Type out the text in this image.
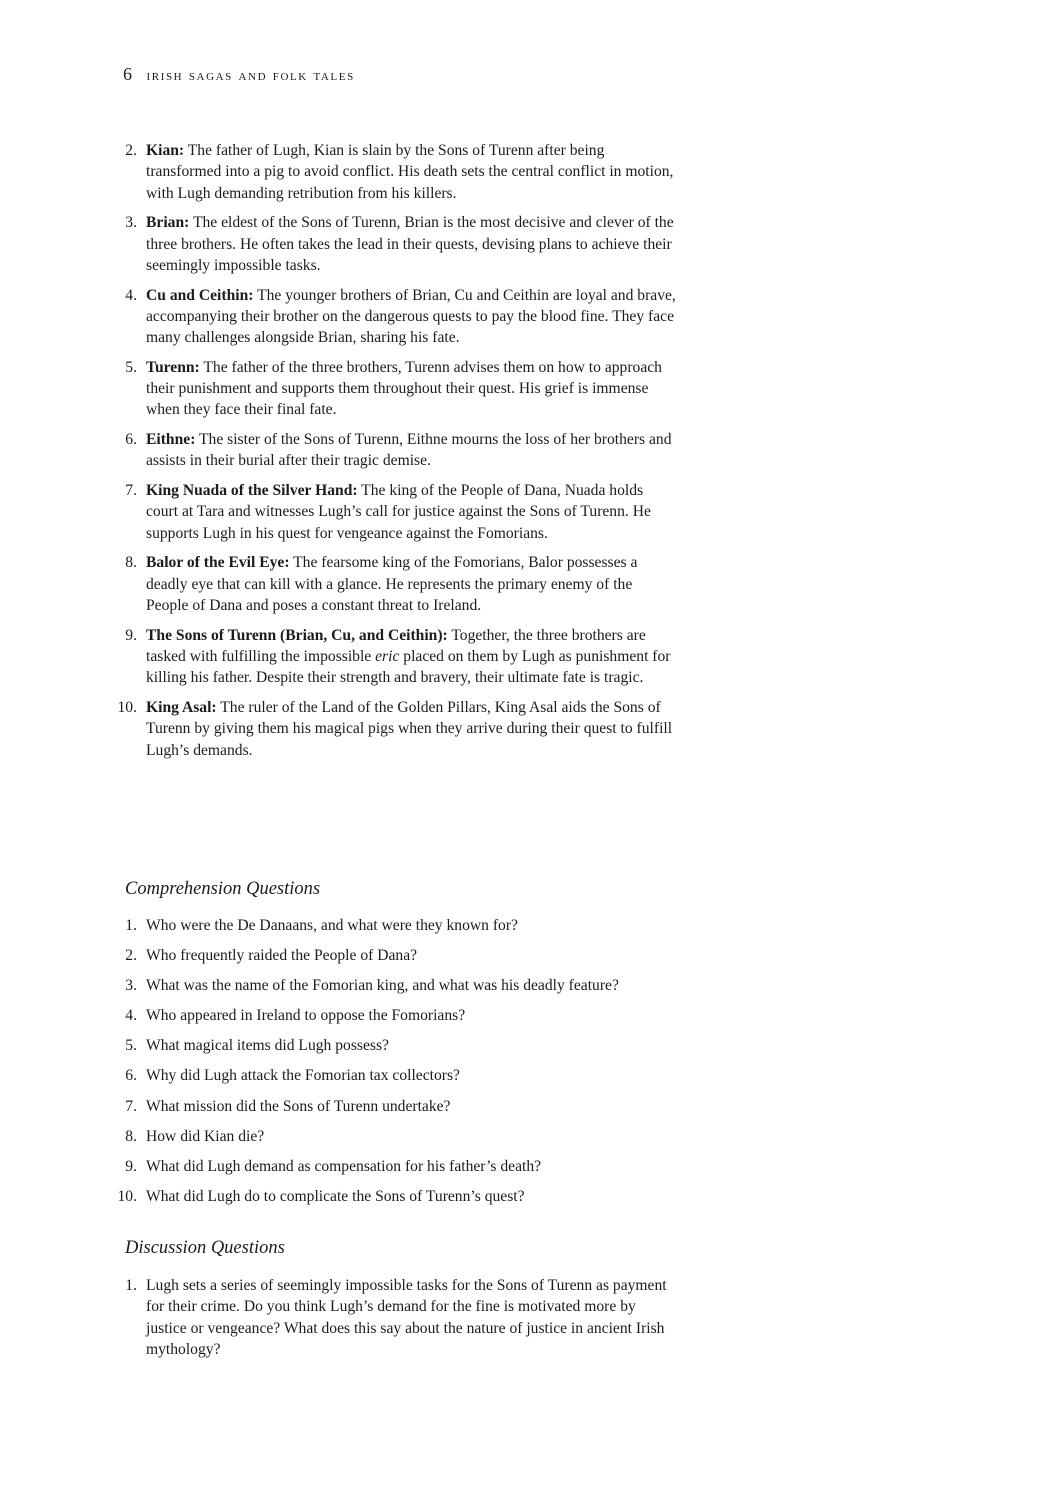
6 irish sagas and folk tales
2. Kian: The father of Lugh, Kian is slain by the Sons of Turenn after being transformed into a pig to avoid conflict. His death sets the central conflict in motion, with Lugh demanding retribution from his killers.
3. Brian: The eldest of the Sons of Turenn, Brian is the most decisive and clever of the three brothers. He often takes the lead in their quests, devising plans to achieve their seemingly impossible tasks.
4. Cu and Ceithin: The younger brothers of Brian, Cu and Ceithin are loyal and brave, accompanying their brother on the dangerous quests to pay the blood fine. They face many challenges alongside Brian, sharing his fate.
5. Turenn: The father of the three brothers, Turenn advises them on how to approach their punishment and supports them throughout their quest. His grief is immense when they face their final fate.
6. Eithne: The sister of the Sons of Turenn, Eithne mourns the loss of her brothers and assists in their burial after their tragic demise.
7. King Nuada of the Silver Hand: The king of the People of Dana, Nuada holds court at Tara and witnesses Lugh’s call for justice against the Sons of Turenn. He supports Lugh in his quest for vengeance against the Fomorians.
8. Balor of the Evil Eye: The fearsome king of the Fomorians, Balor possesses a deadly eye that can kill with a glance. He represents the primary enemy of the People of Dana and poses a constant threat to Ireland.
9. The Sons of Turenn (Brian, Cu, and Ceithin): Together, the three brothers are tasked with fulfilling the impossible eric placed on them by Lugh as punishment for killing his father. Despite their strength and bravery, their ultimate fate is tragic.
10. King Asal: The ruler of the Land of the Golden Pillars, King Asal aids the Sons of Turenn by giving them his magical pigs when they arrive during their quest to fulfill Lugh’s demands.
Comprehension Questions
1. Who were the De Danaans, and what were they known for?
2. Who frequently raided the People of Dana?
3. What was the name of the Fomorian king, and what was his deadly feature?
4. Who appeared in Ireland to oppose the Fomorians?
5. What magical items did Lugh possess?
6. Why did Lugh attack the Fomorian tax collectors?
7. What mission did the Sons of Turenn undertake?
8. How did Kian die?
9. What did Lugh demand as compensation for his father’s death?
10. What did Lugh do to complicate the Sons of Turenn’s quest?
Discussion Questions
1. Lugh sets a series of seemingly impossible tasks for the Sons of Turenn as payment for their crime. Do you think Lugh’s demand for the fine is motivated more by justice or vengeance? What does this say about the nature of justice in ancient Irish mythology?
